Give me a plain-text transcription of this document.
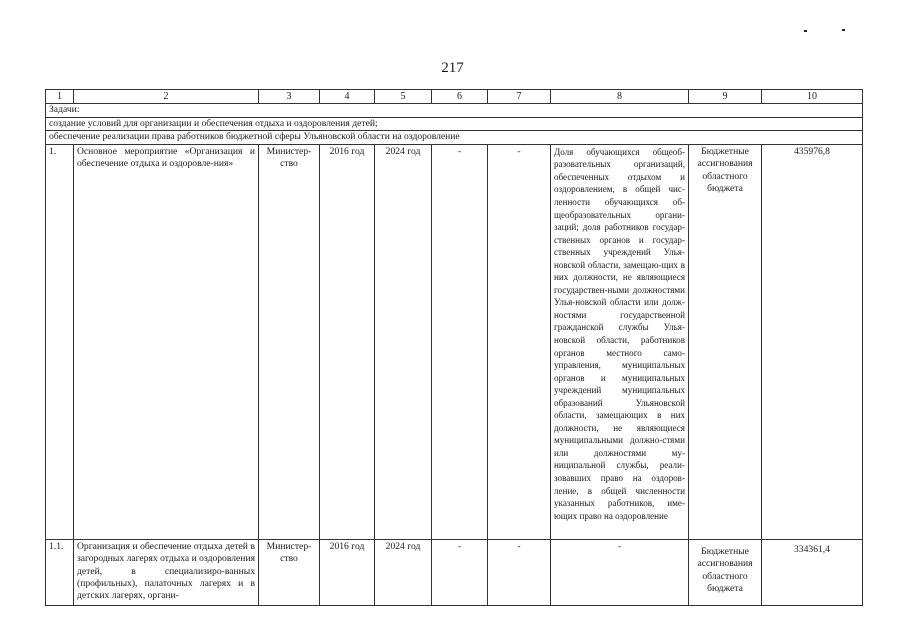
217
1	2	3	4	5	6	7	8	9	10
Задачи:									
создание условий для организации и обеспечения отдыха и оздоровления детей;									
обеспечение реализации права работников бюджетной сферы Ульяновской области на оздоровление									
1.	Основное мероприятие «Организация и обеспечение отдыха и оздоровле-ния»	Министер-ство	2016 год	2024 год	-	-	Доля обучающихся общеоб-разовательных организаций, обеспеченных отдыхом и оздоровлением, в общей чис-ленности обучающихся об-щеобразовательных органи-заций; доля работников государ-ственных органов и государ-ственных учреждений Улья-новской области, замещаю-щих в них должности, не являющиеся государствен-ными должностями Улья-новской области или долж-ностями государственной гражданской службы Улья-новской области, работников органов местного само-управления, муниципальных органов и муниципальных учреждений муниципальных образований Ульяновской области, замещающих в них должности, не являющиеся муниципальными должно-стями или должностями му-ниципальной службы, реали-зовавших право на оздоров-ление, в общей численности указанных работников, име-ющих право на оздоровление	Бюджетные ассигнования областного бюджета	435976,8
1.1.	Организация и обеспечение отдыха детей в загородных лагерях отдыха и оздоровления детей, в специализиро-ванных (профильных), палаточных лагерях и в детских лагерях, органи-	Министер-ство	2016 год	2024 год	-	-	-	Бюджетные ассигнования областного бюджета	334361,4
